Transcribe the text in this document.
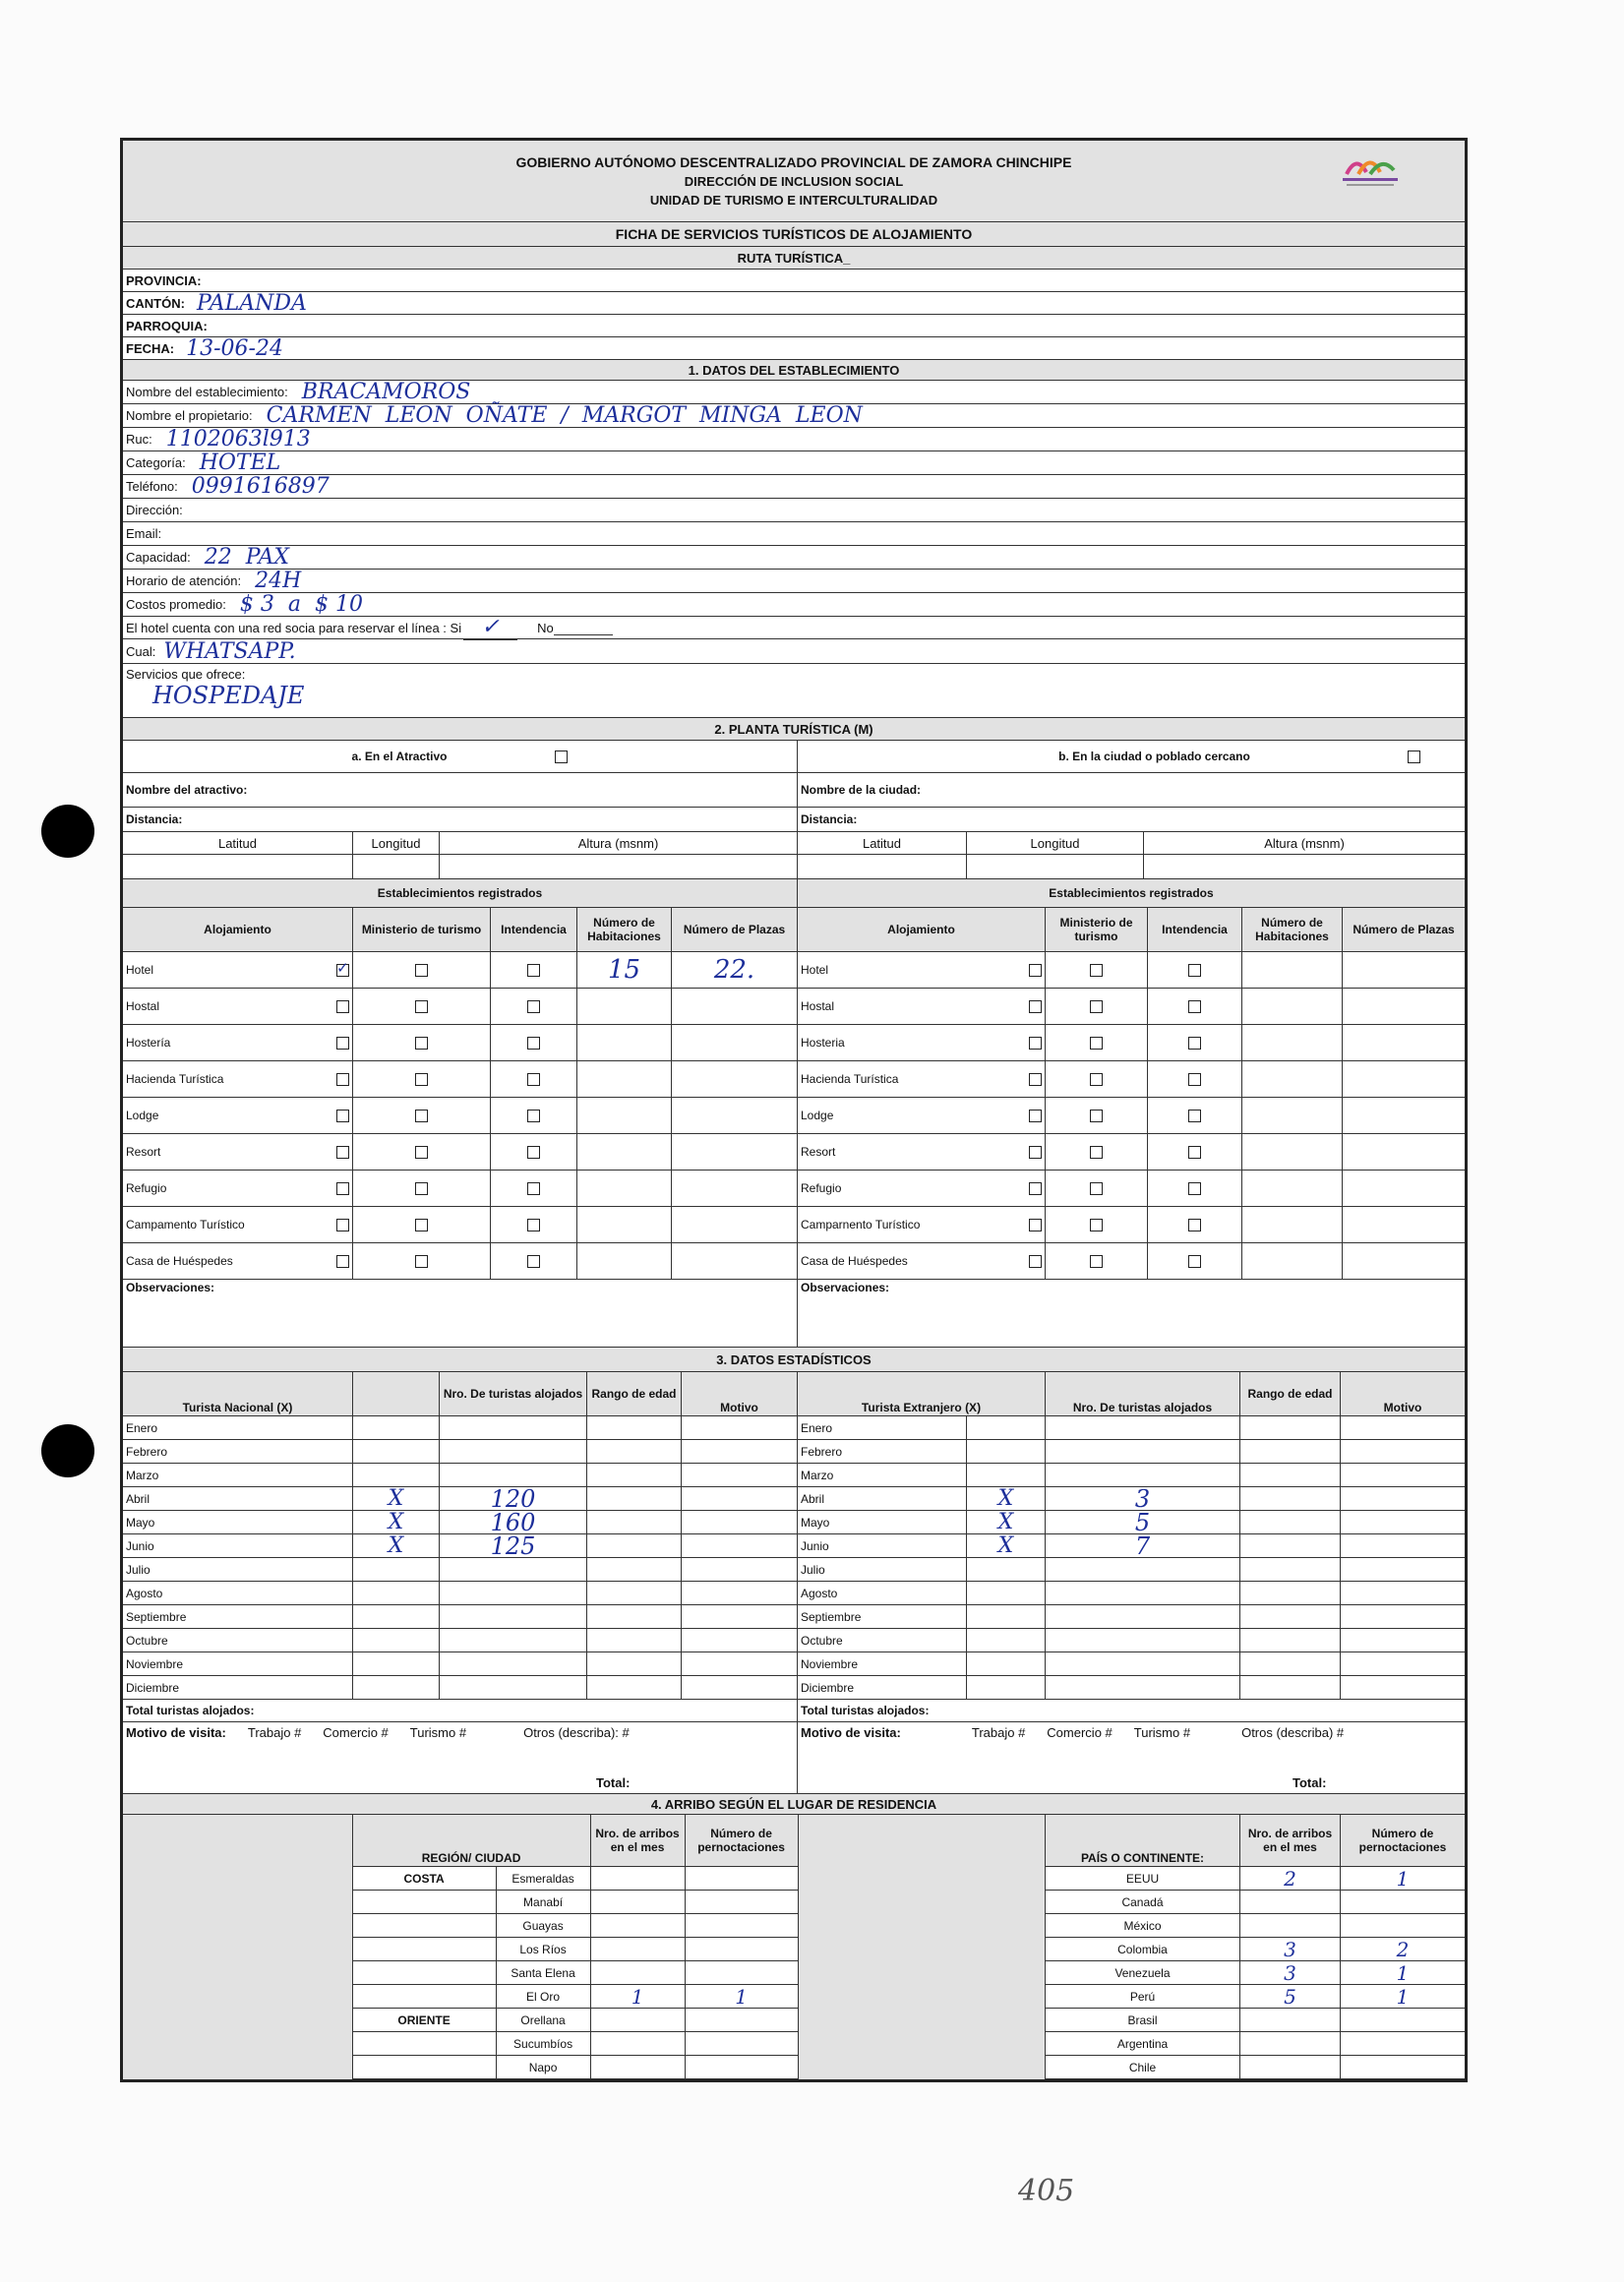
GOBIERNO AUTÓNOMO DESCENTRALIZADO PROVINCIAL DE ZAMORA CHINCHIPE
DIRECCIÓN DE INCLUSION SOCIAL
UNIDAD DE TURISMO E INTERCULTURALIDAD
FICHA DE SERVICIOS TURÍSTICOS DE ALOJAMIENTO
RUTA TURÍSTICA_
PROVINCIA:
CANTÓN: PALANDA
PARROQUIA:
FECHA: 13-06-24
1. DATOS DEL ESTABLECIMIENTO
Nombre del establecimiento: BRACAMOROS
Nombre el propietario: CARMEN  LEON  OÑATE  /  MARGOT  MINGA  LEON
Ruc: 1102063l913
Categoría: HOTEL
Teléfono: 0991616897
Dirección:
Email:
Capacidad: 22  PAX
Horario de atención: 24H
Costos promedio: $ 3  a  $ 10
El hotel cuenta con una red socia para reservar el línea : Si ✓	No
Cual: WHATSAPP.
Servicios que ofrece:
HOSPEDAJE
2. PLANTA TURÍSTICA (M)
a. En el Atractivo	b. En la ciudad o poblado cercano
Nombre del atractivo:	Nombre de la ciudad:
Distancia:	Distancia:
Latitud	Longitud	Altura (msnm)	Latitud	Longitud	Altura (msnm)
Establecimientos registrados	Establecimientos registrados
Alojamiento	Ministerio de turismo	Intendencia	Número de Habitaciones	Número de Plazas	Alojamiento	Ministerio de turismo	Intendencia	Número de Habitaciones	Número de Plazas
Hotel
✓	15	22.	Hotel
Hostal	Hostal
Hostería	Hosteria
Hacienda Turística	Hacienda Turística
Lodge	Lodge
Resort	Resort
Refugio	Refugio
Campamento Turístico	Camparnento Turístico
Casa de Huéspedes	Casa de Huéspedes
Observaciones:	Observaciones:
3. DATOS ESTADÍSTICOS
Turista Nacional (X)
Nro. De turistas alojados Rango de edad
Motivo	Turista Extranjero (X)	Nro. De turistas alojados
Rango de edad
Motivo
Enero	Enero
Febrero	Febrero
Marzo	Marzo
Abril	X	120	Abril	X	3
Mayo	X	160	Mayo	X	5
Junio	X	125	Junio	X	7
Julio	Julio
Agosto	Agosto
Septiembre	Septiembre
Octubre	Octubre
Noviembre	Noviembre
Diciembre	Diciembre
Total turistas alojados:	Total turistas alojados:
Motivo de visita: Trabajo # Comercio # Turismo #	Otros (describa): #
Total:
Motivo de visita:	Trabajo # Comercio # Turismo #	Otros (describa) #
Total:
4. ARRIBO SEGÚN EL LUGAR DE RESIDENCIA
REGIÓN/ CIUDAD
Nro. de arribos en el mes
Número de pernoctaciones
COSTA	Esmeraldas
Manabí
Guayas
Los Ríos
Santa Elena
El Oro	1	1
ORIENTE	Orellana
Sucumbíos
Napo
PAÍS O CONTINENTE:
Nro. de arribos en el mes
Número de pernoctaciones
EEUU	2	1
Canadá
México
Colombia	3	2
Venezuela	3	1
Perú	5	1
Brasil
Argentina
Chile
405
